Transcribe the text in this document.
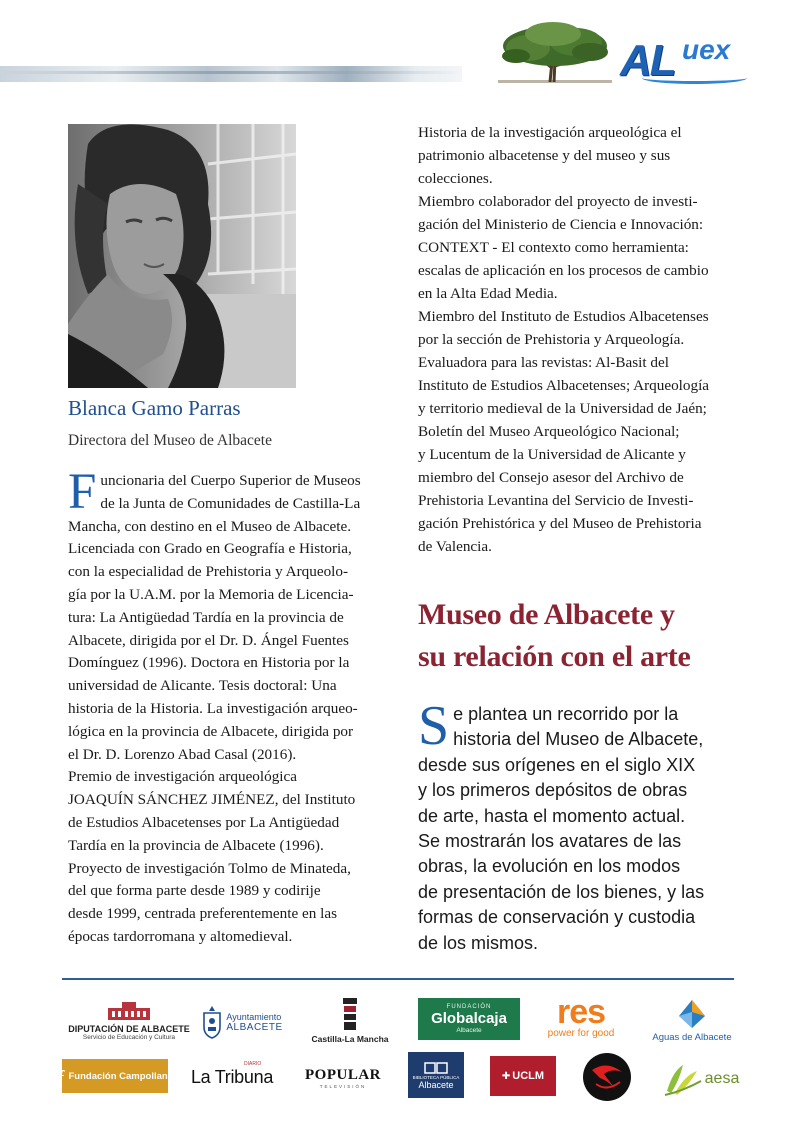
AL uex
Blanca Gamo Parras
Directora del Museo de Albacete
F uncionaria del Cuerpo Superior de Museos
de la Junta de Comunidades de Castilla-La
Mancha, con destino en el Museo de Albacete.
Licenciada con Grado en Geografía e Historia,
con la especialidad de Prehistoria y Arqueolo-
gía por la U.A.M. por la Memoria de Licencia-
tura: La Antigüedad Tardía en la provincia de
Albacete, dirigida por el Dr. D. Ángel Fuentes
Domínguez (1996). Doctora en Historia por la
universidad de Alicante. Tesis doctoral: Una
historia de la Historia. La investigación arqueo-
lógica en la provincia de Albacete, dirigida por
el Dr. D. Lorenzo Abad Casal (2016).
Premio de investigación arqueológica
JOAQUÍN SÁNCHEZ JIMÉNEZ, del Instituto
de Estudios Albacetenses por La Antigüedad
Tardía en la provincia de Albacete (1996).
Proyecto de investigación Tolmo de Minateda,
del que forma parte desde 1989 y codirije
desde 1999, centrada preferentemente en las
épocas tardorromana y altomedieval.
Historia de la investigación arqueológica el
patrimonio albacetense y del museo y sus
colecciones.
Miembro colaborador del proyecto de investi-
gación del Ministerio de Ciencia e Innovación:
CONTEXT - El contexto como herramienta:
escalas de aplicación en los procesos de cambio
en la Alta Edad Media.
Miembro del Instituto de Estudios Albacetenses
por la sección de Prehistoria y Arqueología.
Evaluadora para las revistas: Al-Basit del
Instituto de Estudios Albacetenses; Arqueología
y territorio medieval de la Universidad de Jaén;
Boletín del Museo Arqueológico Nacional;
y Lucentum de la Universidad de Alicante y
miembro del Consejo asesor del Archivo de
Prehistoria Levantina del Servicio de Investi-
gación Prehistórica y del Museo de Prehistoria
de Valencia.
Museo de Albacete y
su relación con el arte
S e plantea un recorrido por la
historia del Museo de Albacete,
desde sus orígenes en el siglo XIX
y los primeros depósitos de obras
de arte, hasta el momento actual.
Se mostrarán los avatares de las
obras, la evolución en los modos
de presentación de los bienes, y las
formas de conservación y custodia
de los mismos.
DIPUTACIÓN DE ALBACETE
Servicio de Educación y Cultura
Ayuntamiento
ALBACETE
Castilla-La Mancha
FUNDACIÓN
Globalcaja
Albacete res
power for good	Aguas de Albacete
ƒ Fundación Campollano La Tribuna
DIARIO
POPULAR
TELEVISIÓN
BIBLIOTECA PÚBLICA
Albacete
✚ UCLM	aesa
